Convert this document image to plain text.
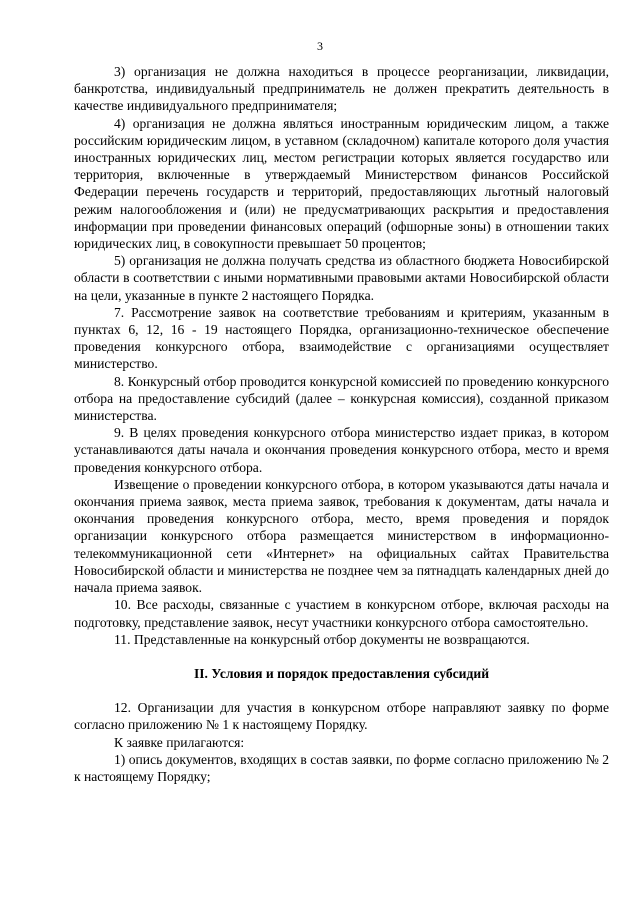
3

3) организация не должна находиться в процессе реорганизации, ликвидации, банкротства, индивидуальный предприниматель не должен прекратить деятельность в качестве индивидуального предпринимателя;

4) организация не должна являться иностранным юридическим лицом, а также российским юридическим лицом, в уставном (складочном) капитале которого доля участия иностранных юридических лиц, местом регистрации которых является государство или территория, включенные в утверждаемый Министерством финансов Российской Федерации перечень государств и территорий, предоставляющих льготный налоговый режим налогообложения и (или) не предусматривающих раскрытия и предоставления информации при проведении финансовых операций (офшорные зоны) в отношении таких юридических лиц, в совокупности превышает 50 процентов;

5) организация не должна получать средства из областного бюджета Новосибирской области в соответствии с иными нормативными правовыми актами Новосибирской области на цели, указанные в пункте 2 настоящего Порядка.

7. Рассмотрение заявок на соответствие требованиям и критериям, указанным в пунктах 6, 12, 16 - 19 настоящего Порядка, организационно-техническое обеспечение проведения конкурсного отбора, взаимодействие с организациями осуществляет министерство.

8. Конкурсный отбор проводится конкурсной комиссией по проведению конкурсного отбора на предоставление субсидий (далее – конкурсная комиссия), созданной приказом министерства.

9. В целях проведения конкурсного отбора министерство издает приказ, в котором устанавливаются даты начала и окончания проведения конкурсного отбора, место и время проведения конкурсного отбора.

Извещение о проведении конкурсного отбора, в котором указываются даты начала и окончания приема заявок, места приема заявок, требования к документам, даты начала и окончания проведения конкурсного отбора, место, время проведения и порядок организации конкурсного отбора размещается министерством в информационно-телекоммуникационной сети «Интернет» на официальных сайтах Правительства Новосибирской области и министерства не позднее чем за пятнадцать календарных дней до начала приема заявок.

10. Все расходы, связанные с участием в конкурсном отборе, включая расходы на подготовку, представление заявок, несут участники конкурсного отбора самостоятельно.

11. Представленные на конкурсный отбор документы не возвращаются.

II. Условия и порядок предоставления субсидий

12. Организации для участия в конкурсном отборе направляют заявку по форме согласно приложению № 1 к настоящему Порядку.

К заявке прилагаются:

1) опись документов, входящих в состав заявки, по форме согласно приложению № 2 к настоящему Порядку;
